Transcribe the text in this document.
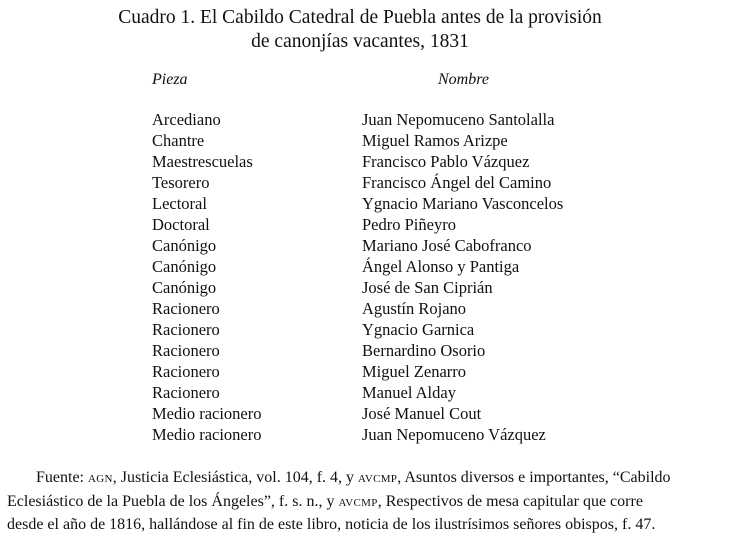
Cuadro 1. El Cabildo Catedral de Puebla antes de la provisión
de canonjías vacantes, 1831
Pieza	Nombre
Arcediano	Juan Nepomuceno Santolalla
Chantre	Miguel Ramos Arizpe
Maestrescuelas	Francisco Pablo Vázquez
Tesorero	Francisco Ángel del Camino
Lectoral	Ygnacio Mariano Vasconcelos
Doctoral	Pedro Piñeyro
Canónigo	Mariano José Cabofranco
Canónigo	Ángel Alonso y Pantiga
Canónigo	José de San Ciprián
Racionero	Agustín Rojano
Racionero	Ygnacio Garnica
Racionero	Bernardino Osorio
Racionero	Miguel Zenarro
Racionero	Manuel Alday
Medio racionero	José Manuel Cout
Medio racionero	Juan Nepomuceno Vázquez
Fuente: agn, Justicia Eclesiástica, vol. 104, f. 4, y avcmp, Asuntos diversos e importantes, “Cabildo
Eclesiástico de la Puebla de los Ángeles”, f. s. n., y avcmp, Respectivos de mesa capitular que corre
desde el año de 1816, hallándose al fin de este libro, noticia de los ilustrísimos señores obispos, f. 47.
